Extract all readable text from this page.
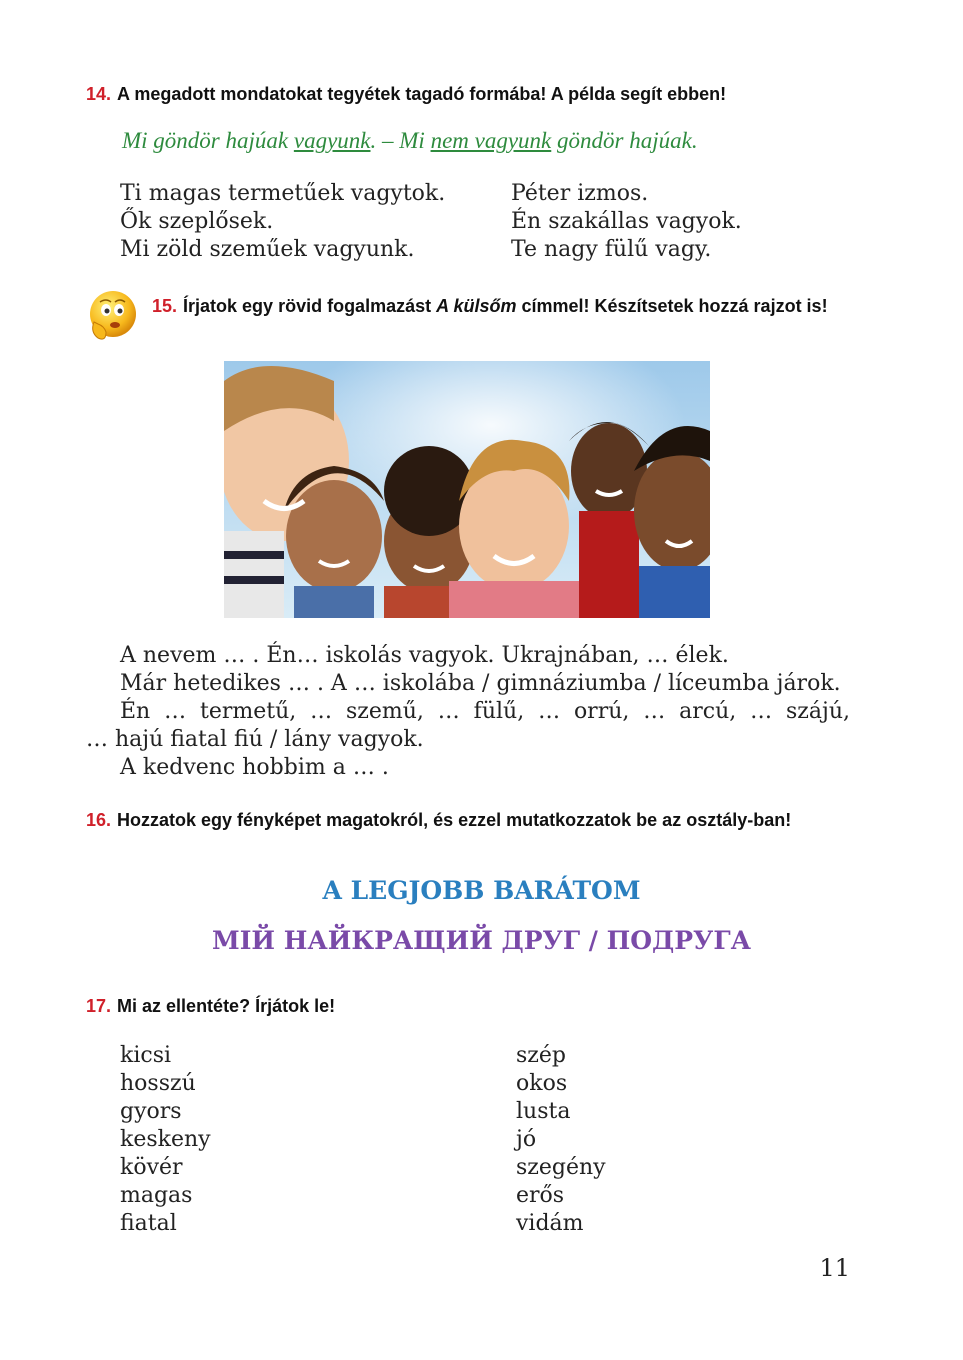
14. A megadott mondatokat tegyétek tagadó formába! A példa segít ebben!
Mi göndör hajúak vagyunk. – Mi nem vagyunk göndör hajúak.
Ti magas termetűek vagytok.
Ők szeplősek.
Mi zöld szeműek vagyunk.
Péter izmos.
Én szakállas vagyok.
Te nagy fülű vagy.
15. Írjatok egy rövid fogalmazást A külsőm címmel! Készítsetek hozzá rajzot is!
A nevem … . Én… iskolás vagyok. Ukrajnában, … élek.
Már hetedikes … . A … iskolába / gimnáziumba / líceumba járok.
Én … termetű, … szemű, … fülű, … orrú, … arcú, … szájú,
… hajú fiatal fiú / lány vagyok.
A kedvenc hobbim a … .
16. Hozzatok egy fényképet magatokról, és ezzel mutatkozzatok be az osztály-ban!
A LEGJOBB BARÁTOM
МІЙ НАЙКРАЩИЙ ДРУГ / ПОДРУГА
17. Mi az ellentéte? Írjátok le!
kicsi
hosszú
gyors
keskeny
kövér
magas
fiatal
szép
okos
lusta
jó
szegény
erős
vidám
11
